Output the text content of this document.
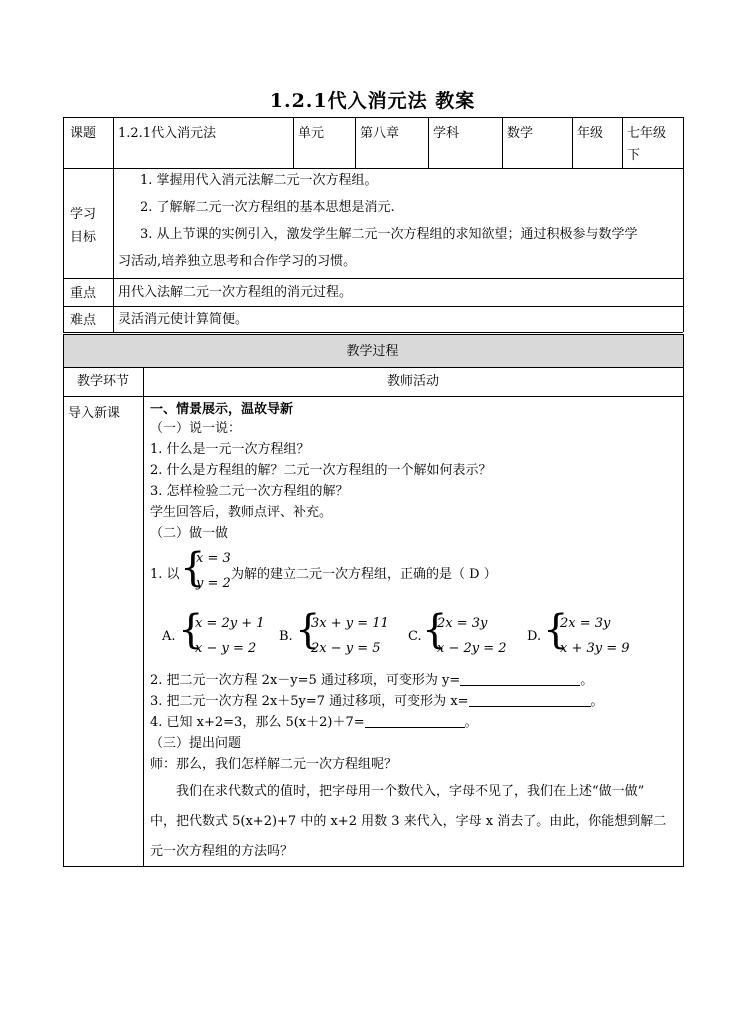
1.2.1代入消元法 教案
课题 1.2.1代入消元法	单元	第八章	学科	数学	年级 七年级
下
学习
目标
1. 掌握用代入消元法解二元一次方程组。
2. 了解解二元一次方程组的基本思想是消元.
3. 从上节课的实例引入，激发学生解二元一次方程组的求知欲望；通过积极参与数学学
习活动,培养独立思考和合作学习的习惯。
重点 用代入法解二元一次方程组的消元过程。
难点 灵活消元使计算简便。
教学过程
教学环节	教师活动
导入新课 一、情景展示，温故导新
（一）说一说：
1. 什么是一元一次方程组？
2. 什么是方程组的解？二元一次方程组的一个解如何表示？
3. 怎样检验二元一次方程组的解？
学生回答后，教师点评、补充。
（二）做一做
1. 以 {
x = 3
y = 2
为解的建立二元一次方程组，正确的是（ D ）
A. {
x = 2y + 1
x − y = 2
B. {
3x + y = 11
2x − y = 5
C. {
2x = 3y
x − 2y = 2
D. {
2x = 3y
x + 3y = 9
2. 把二元一次方程 2x－y=5 通过移项，可变形为 y=	。
3. 把二元一次方程 2x＋5y=7 通过移项，可变形为 x=	。
4. 已知 x+2=3，那么 5(x＋2)＋7=	。
（三）提出问题
师：那么，我们怎样解二元一次方程组呢？
我们在求代数式的值时，把字母用一个数代入，字母不见了，我们在上述“做一做”
中，把代数式 5(x+2)+7 中的 x+2 用数 3 来代入，字母 x 消去了。由此，你能想到解二
元一次方程组的方法吗？
